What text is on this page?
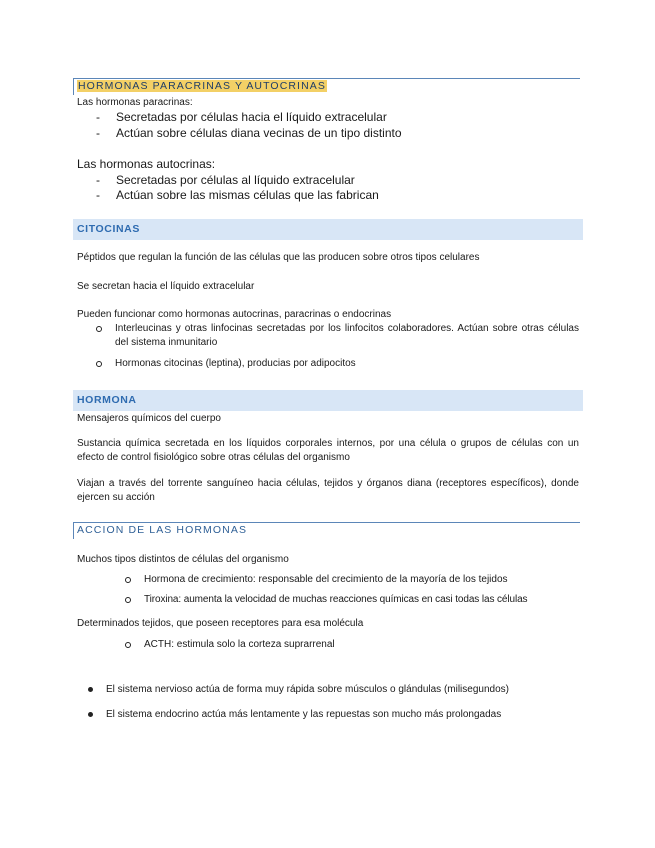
HORMONAS PARACRINAS Y AUTOCRINAS

Las hormonas paracrinas:

- Secretadas por células hacia el líquido extracelular
- Actúan sobre células diana vecinas de un tipo distinto

Las hormonas autocrinas:

- Secretadas por células al líquido extracelular
- Actúan sobre las mismas células que las fabrican
CITOCINAS

Péptidos que regulan la función de las células que las producen sobre otros tipos celulares

Se secretan hacia el líquido extracelular

Pueden funcionar como hormonas autocrinas, paracrinas o endocrinas

Interleucinas y otras linfocinas secretadas por los linfocitos colaboradores. Actúan sobre otras células del sistema inmunitario
Hormonas citocinas (leptina), producias por adipocitos
HORMONA

Mensajeros químicos del cuerpo

Sustancia química secretada en los líquidos corporales internos, por una célula o grupos de células con un efecto de control fisiológico sobre otras células del organismo

Viajan a través del torrente sanguíneo hacia células, tejidos y órganos diana (receptores específicos), donde ejercen su acción

ACCION DE LAS HORMONAS

Muchos tipos distintos de células del organismo

Hormona de crecimiento: responsable del crecimiento de la mayoría de los tejidos
Tiroxina: aumenta la velocidad de muchas reacciones químicas en casi todas las células

Determinados tejidos, que poseen receptores para esa molécula

ACTH: estimula solo la corteza suprarrenal
El sistema nervioso actúa de forma muy rápida sobre músculos o glándulas (milisegundos)
El sistema endocrino actúa más lentamente y las repuestas son mucho más prolongadas
